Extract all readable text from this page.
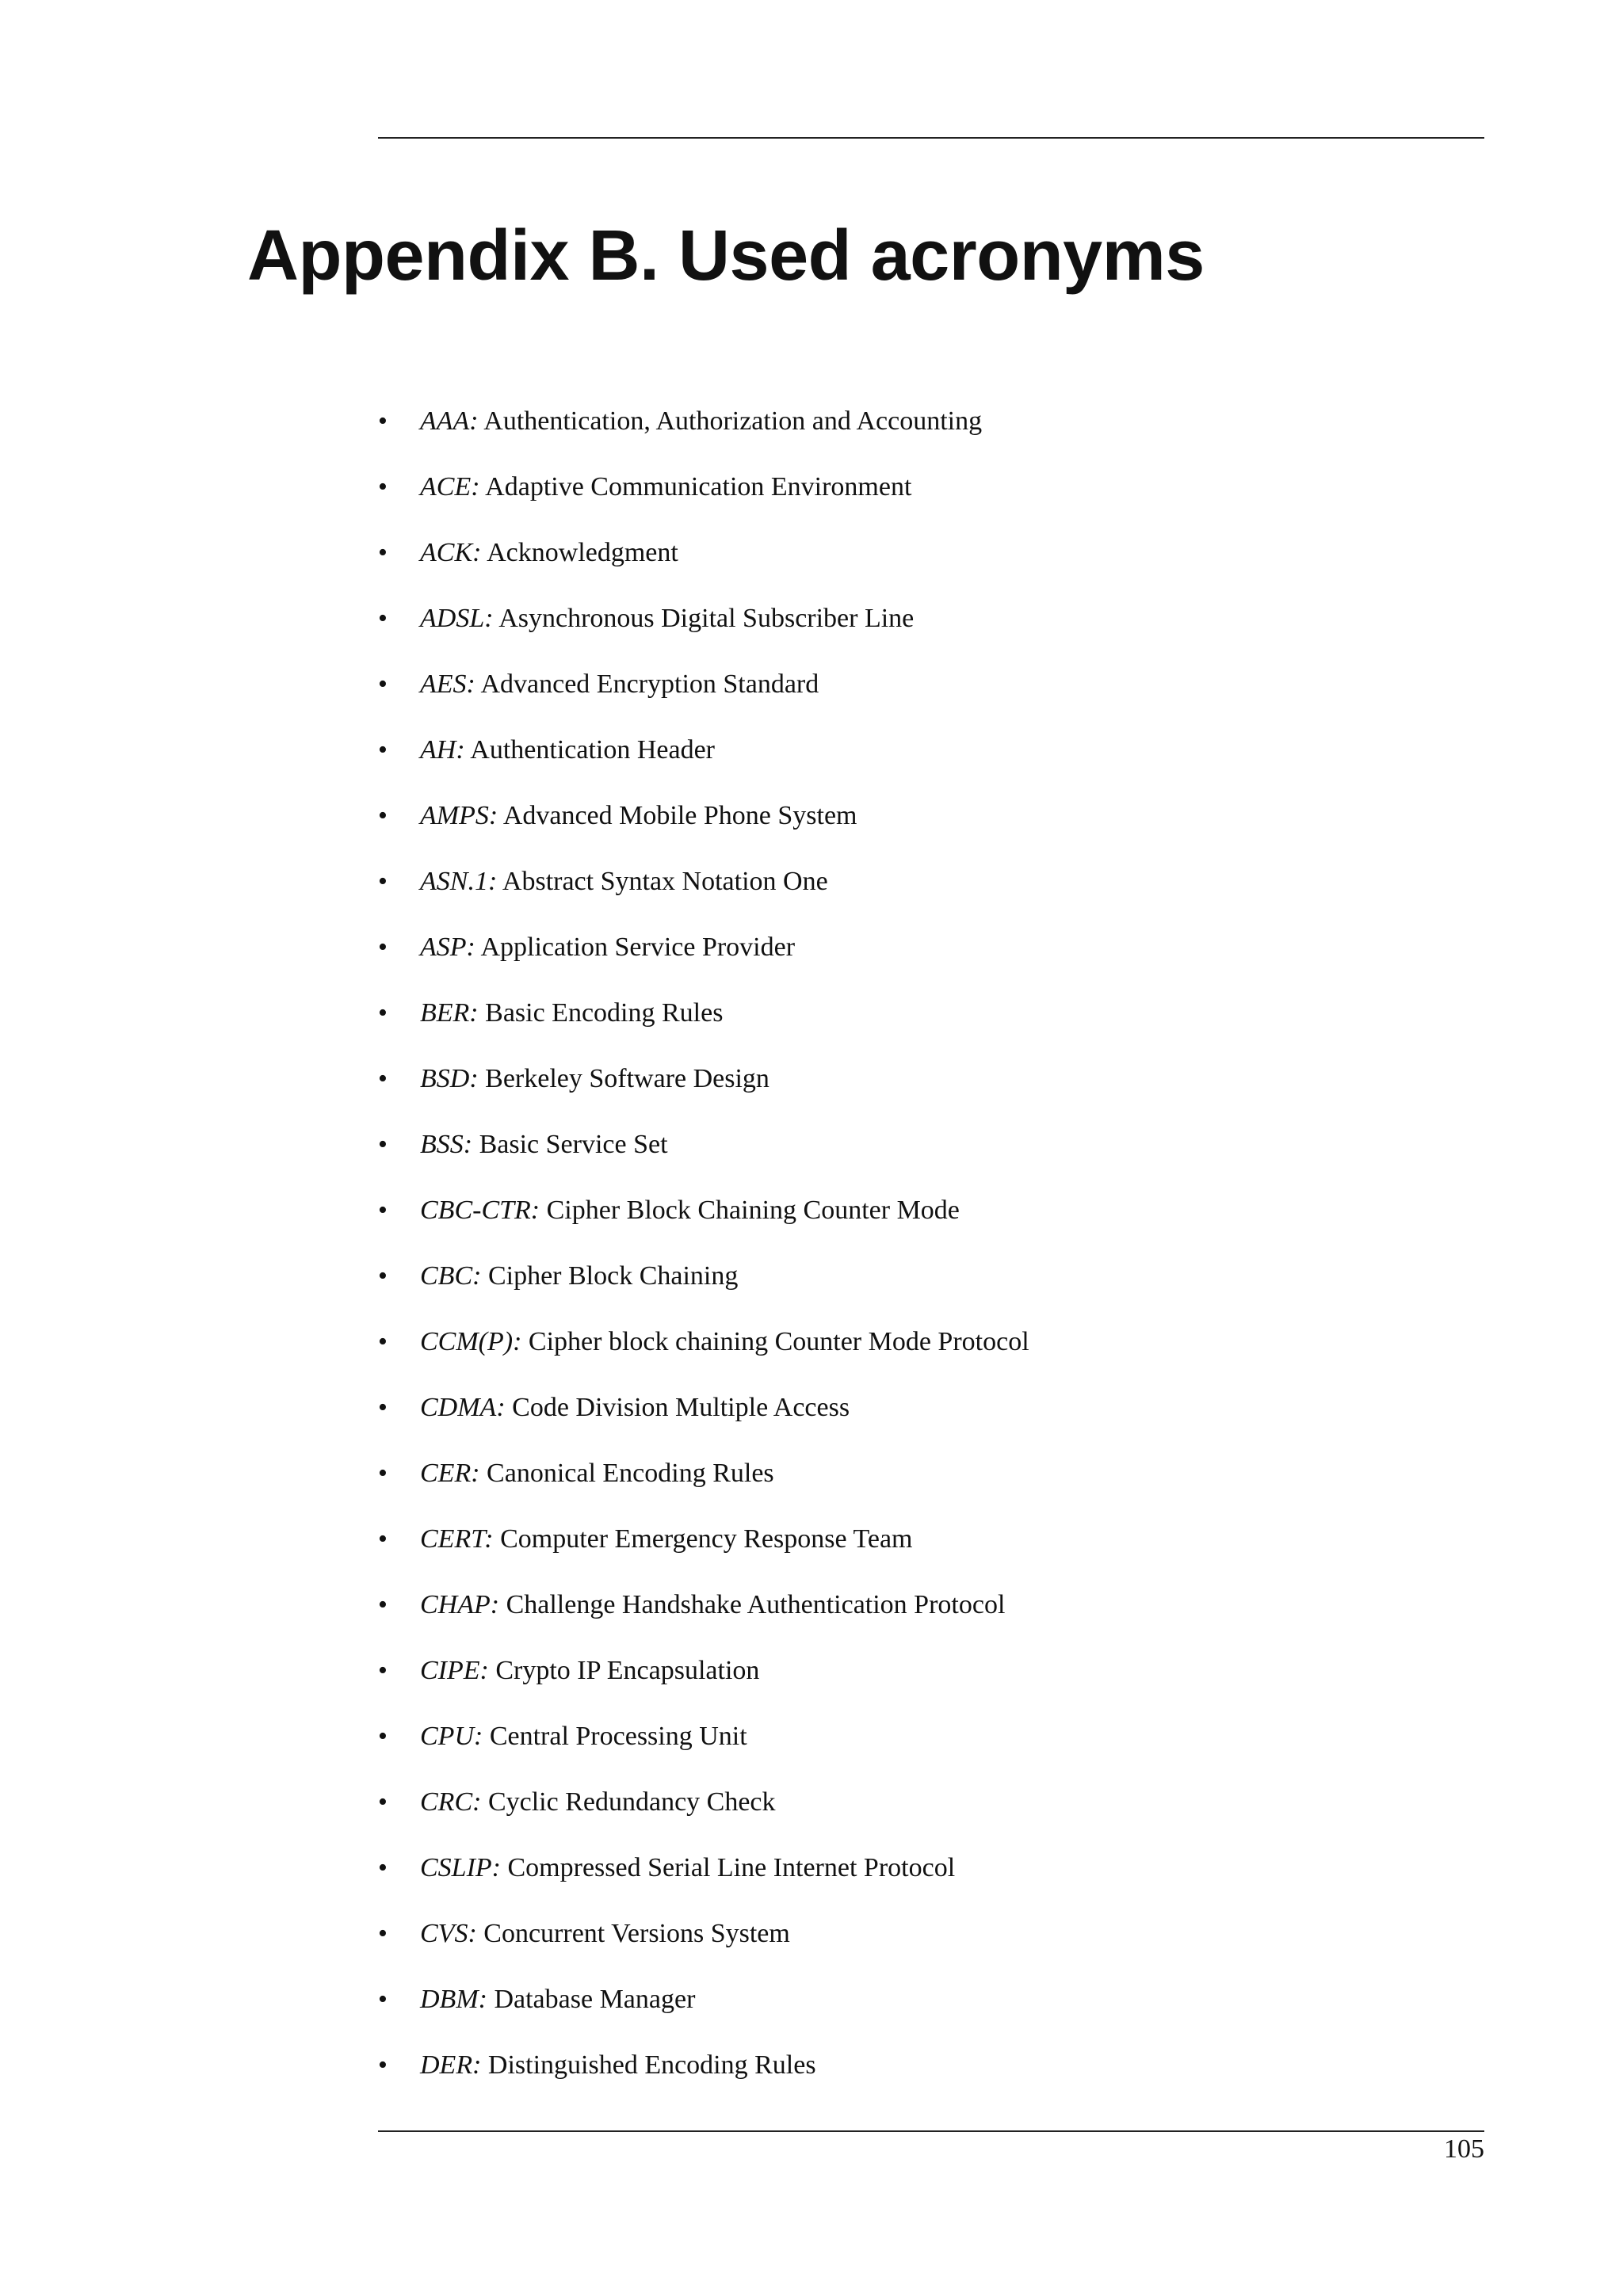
Appendix B. Used acronyms
•	AAA: Authentication, Authorization and Accounting
•	ACE: Adaptive Communication Environment
•	ACK: Acknowledgment
•	ADSL: Asynchronous Digital Subscriber Line
•	AES: Advanced Encryption Standard
•	AH: Authentication Header
•	AMPS: Advanced Mobile Phone System
•	ASN.1: Abstract Syntax Notation One
•	ASP: Application Service Provider
•	BER: Basic Encoding Rules
•	BSD: Berkeley Software Design
•	BSS: Basic Service Set
•	CBC-CTR: Cipher Block Chaining Counter Mode
•	CBC: Cipher Block Chaining
•	CCM(P): Cipher block chaining Counter Mode Protocol
•	CDMA: Code Division Multiple Access
•	CER: Canonical Encoding Rules
•	CERT: Computer Emergency Response Team
•	CHAP: Challenge Handshake Authentication Protocol
•	CIPE: Crypto IP Encapsulation
•	CPU: Central Processing Unit
•	CRC: Cyclic Redundancy Check
•	CSLIP: Compressed Serial Line Internet Protocol
•	CVS: Concurrent Versions System
•	DBM: Database Manager
•	DER: Distinguished Encoding Rules
105
